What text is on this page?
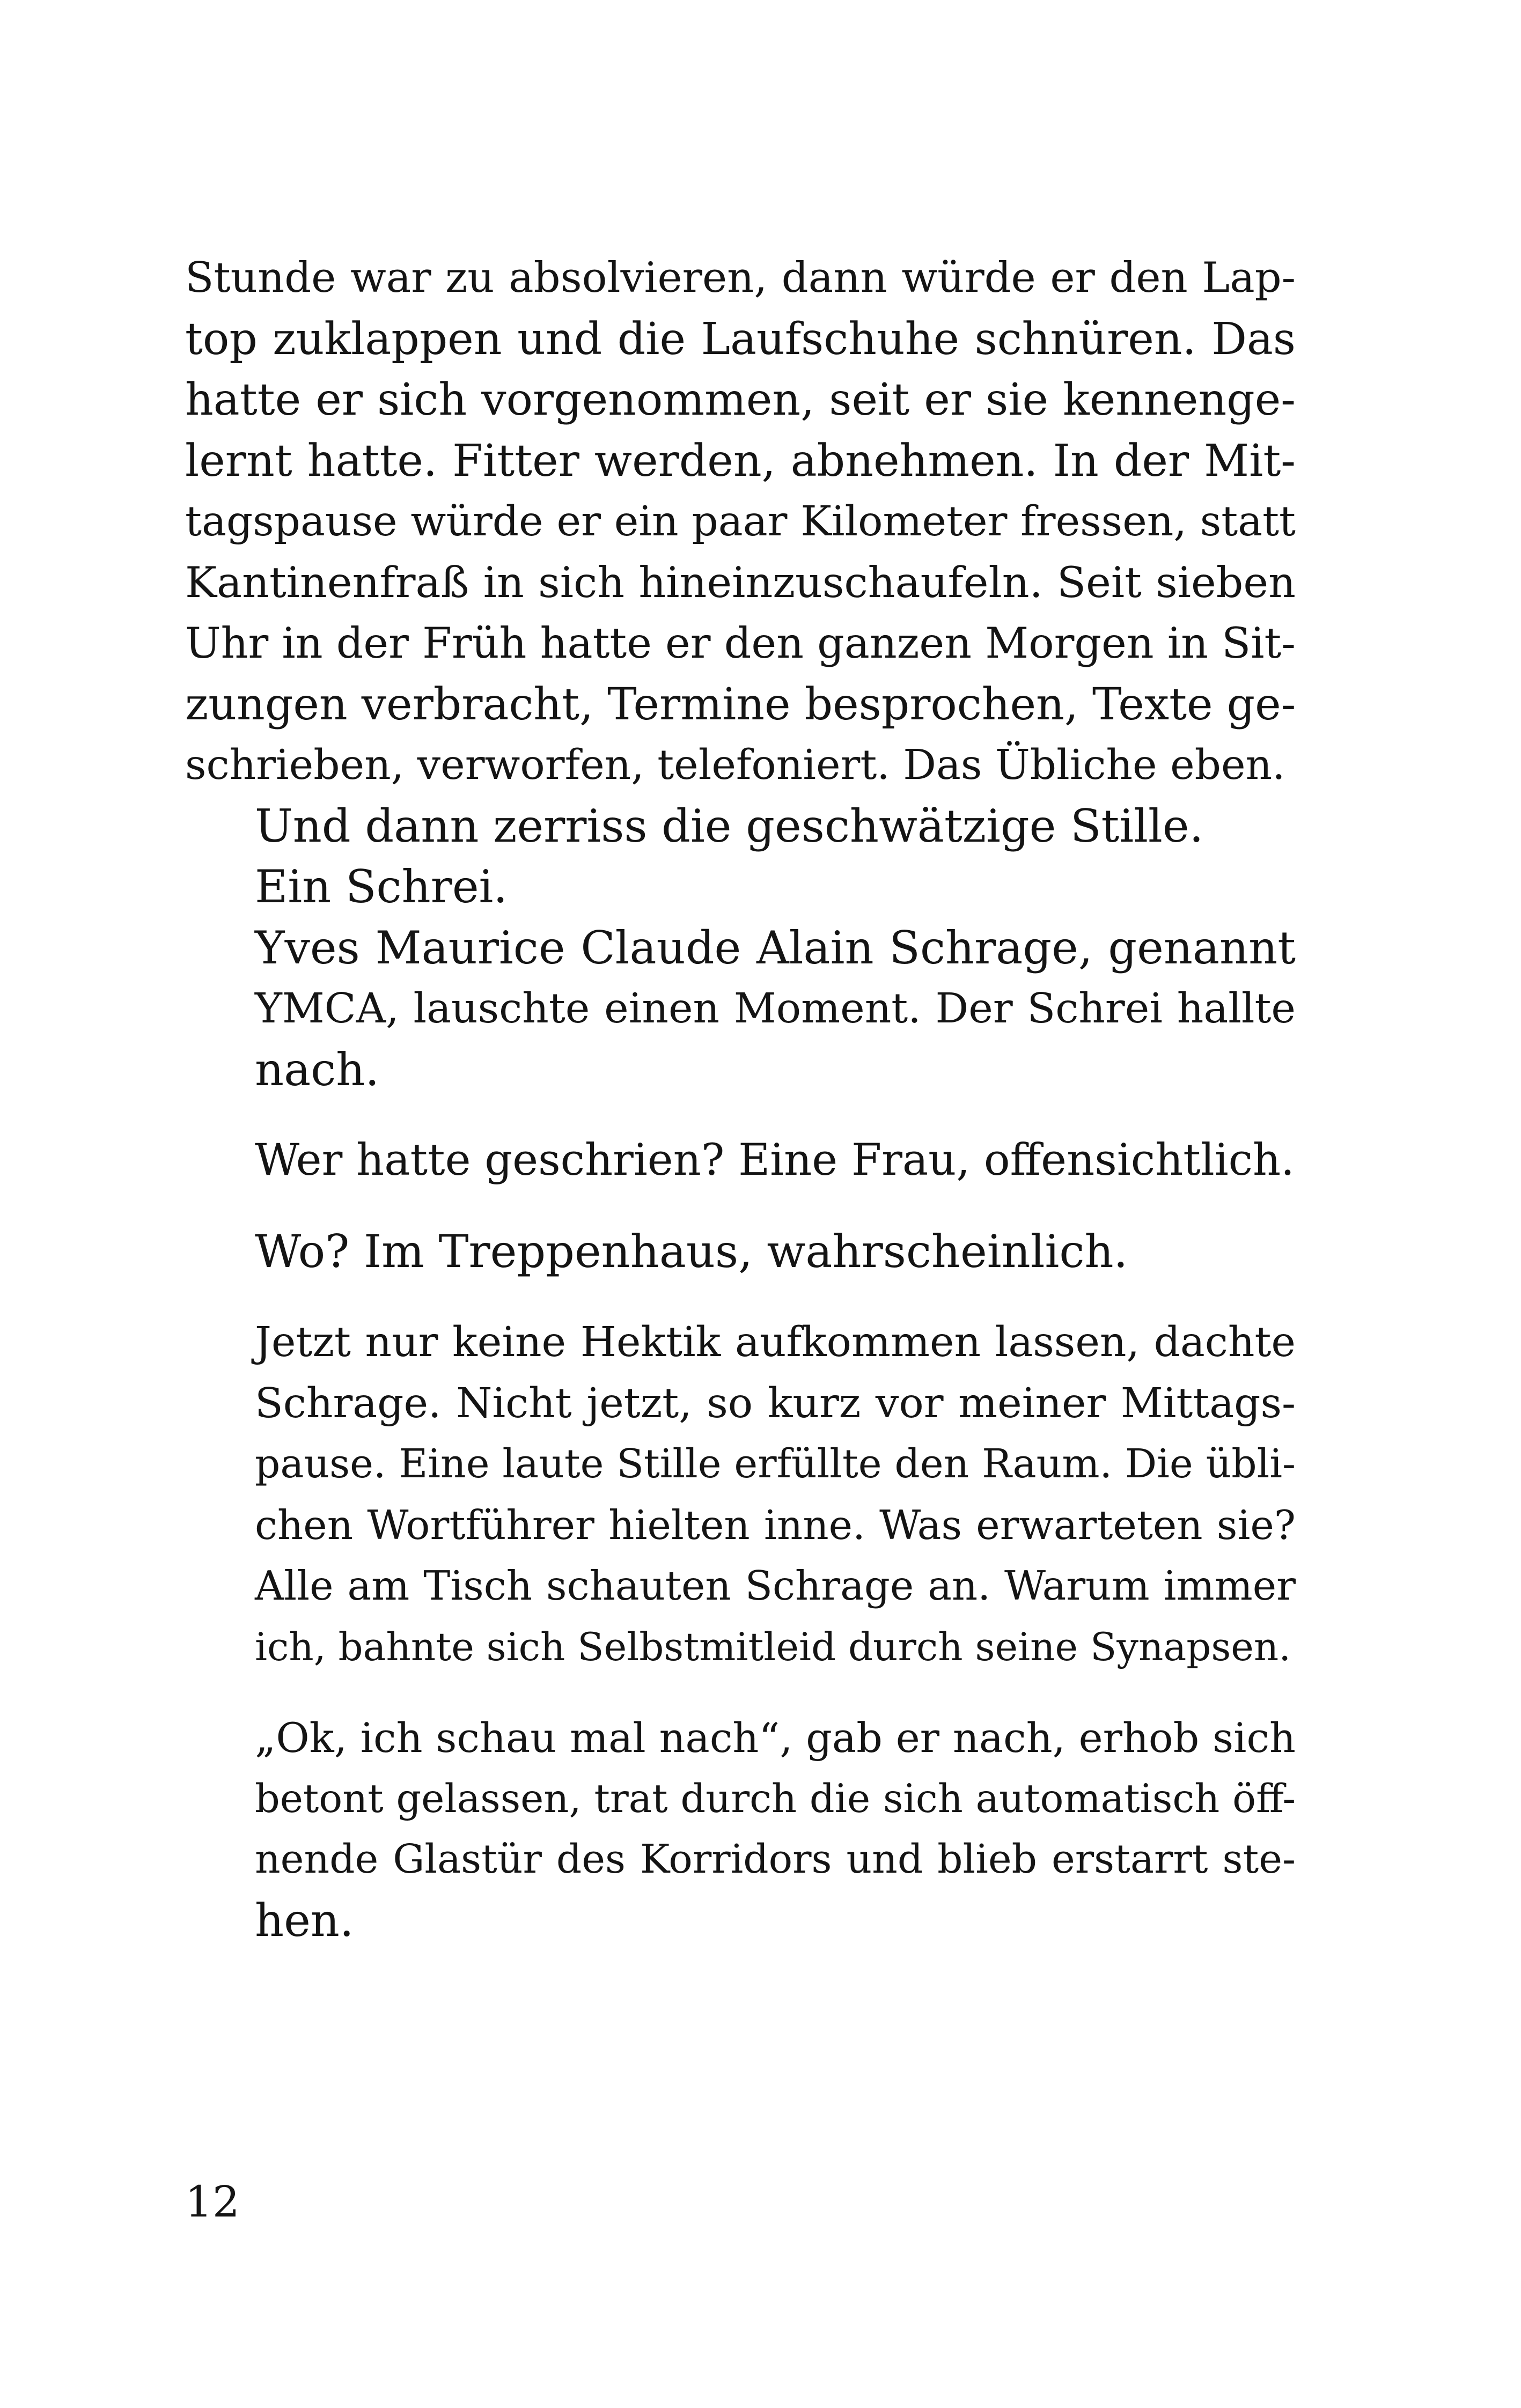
Stunde war zu absolvieren, dann würde er den Lap-
top zuklappen und die Laufschuhe schnüren. Das
hatte er sich vorgenommen, seit er sie kennenge-
lernt hatte. Fitter werden, abnehmen. In der Mit-
tagspause würde er ein paar Kilometer fressen, statt
Kantinenfraß in sich hineinzuschaufeln. Seit sieben
Uhr in der Früh hatte er den ganzen Morgen in Sit-
zungen verbracht, Termine besprochen, Texte ge-
schrieben, verworfen, telefoniert. Das Übliche eben.

Und dann zerriss die geschwätzige Stille.

Ein Schrei.

Yves Maurice Claude Alain Schrage, genannt
YMCA, lauschte einen Moment. Der Schrei hallte
nach.

Wer hatte geschrien? Eine Frau, offensichtlich.

Wo? Im Treppenhaus, wahrscheinlich.

Jetzt nur keine Hektik aufkommen lassen, dachte
Schrage. Nicht jetzt, so kurz vor meiner Mittags-
pause. Eine laute Stille erfüllte den Raum. Die übli-
chen Wortführer hielten inne. Was erwarteten sie?
Alle am Tisch schauten Schrage an. Warum immer
ich, bahnte sich Selbstmitleid durch seine Synapsen.

„Ok, ich schau mal nach“, gab er nach, erhob sich
betont gelassen, trat durch die sich automatisch öff-
nende Glastür des Korridors und blieb erstarrt ste-
hen.

12
